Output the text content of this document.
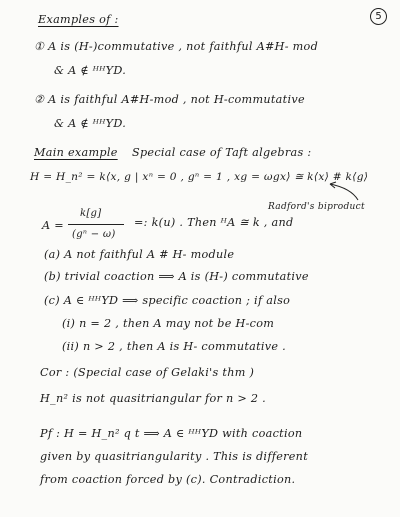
5
Examples of :
① A is (H-)commutative , not faithful A#H- mod
& A ∉ ᴴᴴYD.
② A is faithful A#H-mod , not H-commutative
& A ∉ ᴴᴴYD.
Main example Special case of Taft algebras :
H = H_n² = k⟨x, g | xⁿ = 0 , gⁿ = 1 , xg = ωgx⟩ ≅ k⟨x⟩ # k⟨g⟩
Radford's biproduct
A =
k[g]
(gⁿ − ω)
=: k(u) . Then ᴴA ≅ k , and
(a) A not faithful A # H- module
(b) trivial coaction ⟹ A is (H-) commutative
(c) A ∈ ᴴᴴYD ⟹ specific coaction ; if also
(i) n = 2 , then A may not be H-com
(ii) n > 2 , then A is H- commutative .
Cor : (Special case of Gelaki's thm )
H_n² is not quasitriangular for n > 2 .
Pf : H = H_n² q t ⟹ A ∈ ᴴᴴYD with coaction
given by quasitriangularity . This is different
from coaction forced by (c). Contradiction.
